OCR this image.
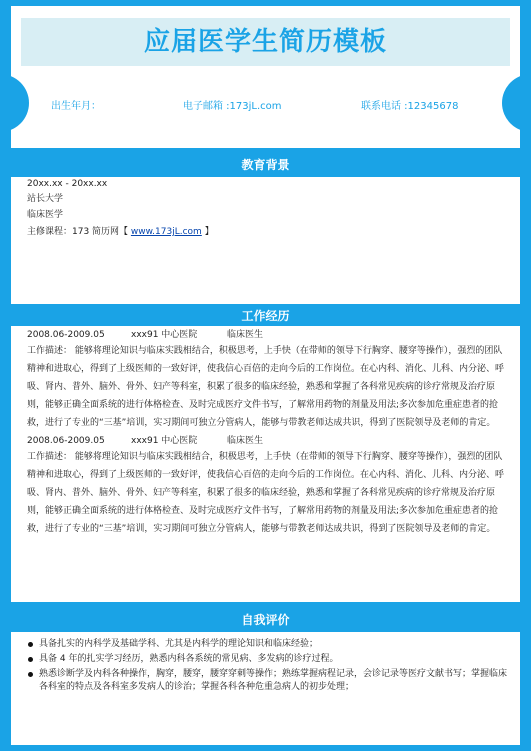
应届医学生简历模板
出生年月：	电子邮箱 :173jL.com	联系电话 :12345678
教育背景
20xx.xx - 20xx.xx
站长大学
临床医学
主修课程：173 简历网【 www.173jL.com 】
工作经历
2008.06-2009.05	xxx91 中心医院	临床医生
工作描述： 能够将理论知识与临床实践相结合，积极思考，上手快（在带师的领导下行胸穿、腰穿等操作），强烈的团队精神和进取心，得到了上级医师的一致好评，使我信心百倍的走向今后的工作岗位。在心内科、消化、儿科、内分泌、呼吸、肾内、普外、脑外、骨外、妇产等科室，积累了很多的临床经验，熟悉和掌握了各科常见疾病的诊疗常规及治疗原则，能够正确全面系统的进行体格检查、及时完成医疗文件书写，了解常用药物的剂量及用法;多次参加危重症患者的抢救，进行了专业的“三基”培训，实习期间可独立分管病人，能够与带教老师达成共识，得到了医院领导及老师的肯定。
2008.06-2009.05	xxx91 中心医院	临床医生
工作描述： 能够将理论知识与临床实践相结合，积极思考，上手快（在带师的领导下行胸穿、腰穿等操作），强烈的团队精神和进取心，得到了上级医师的一致好评，使我信心百倍的走向今后的工作岗位。在心内科、消化、儿科、内分泌、呼吸、肾内、普外、脑外、骨外、妇产等科室，积累了很多的临床经验，熟悉和掌握了各科常见疾病的诊疗常规及治疗原则，能够正确全面系统的进行体格检查、及时完成医疗文件书写，了解常用药物的剂量及用法;多次参加危重症患者的抢救，进行了专业的“三基”培训，实习期间可独立分管病人，能够与带教老师达成共识，得到了医院领导及老师的肯定。
自我评价
具备扎实的内科学及基础学科、尤其是内科学的理论知识和临床经验；
具备 4 年的扎实学习经历，熟悉内科各系统的常见病、多发病的诊疗过程。
熟悉诊断学及内科各种操作，胸穿，腰穿，腰穿穿刺等操作；熟练掌握病程记录，会诊记录等医疗文献书写；掌握临床各科室的特点及各科室多发病人的诊治；掌握各科各种危重急病人的初步处理；
